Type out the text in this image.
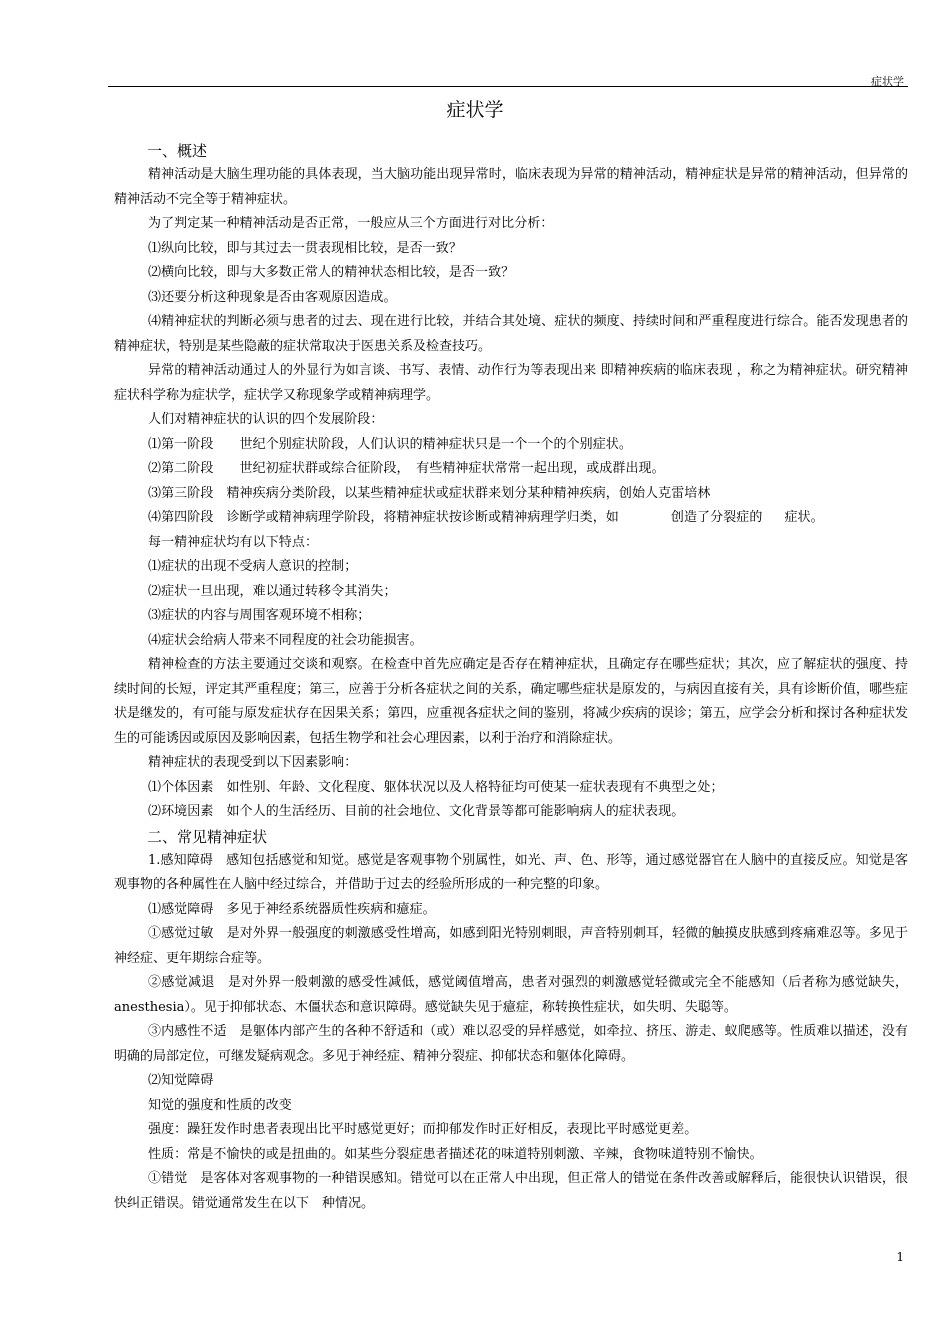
症状学
症状学

一、概述

精神活动是大脑生理功能的具体表现，当大脑功能出现异常时，临床表现为异常的精神活动，精神症状是异常的精神活动，但异常的精神活动不完全等于精神症状。

为了判定某一种精神活动是否正常，一般应从三个方面进行对比分析：

⑴纵向比较，即与其过去一贯表现相比较，是否一致？

⑵横向比较，即与大多数正常人的精神状态相比较，是否一致？

⑶还要分析这种现象是否由客观原因造成。

⑷精神症状的判断必须与患者的过去、现在进行比较，并结合其处境、症状的频度、持续时间和严重程度进行综合。能否发现患者的精神症状，特别是某些隐蔽的症状常取决于医患关系及检查技巧。

异常的精神活动通过人的外显行为如言谈、书写、表情、动作行为等表现出来 即精神疾病的临床表现 ，称之为精神症状。研究精神症状科学称为症状学，症状学又称现象学或精神病理学。

人们对精神症状的认识的四个发展阶段：

⑴第一阶段　　世纪个别症状阶段，人们认识的精神症状只是一个一个的个别症状。

⑵第二阶段　　世纪初症状群或综合征阶段，　有些精神症状常常一起出现，或成群出现。

⑶第三阶段　精神疾病分类阶段，以某些精神症状或症状群来划分某种精神疾病，创始人克雷培林

⑷第四阶段　诊断学或精神病理学阶段，将精神症状按诊断或精神病理学归类，如	创造了分裂症的 症状。

每一精神症状均有以下特点：

⑴症状的出现不受病人意识的控制；

⑵症状一旦出现，难以通过转移令其消失；

⑶症状的内容与周围客观环境不相称；

⑷症状会给病人带来不同程度的社会功能损害。

精神检查的方法主要通过交谈和观察。在检查中首先应确定是否存在精神症状，且确定存在哪些症状；其次，应了解症状的强度、持续时间的长短，评定其严重程度；第三，应善于分析各症状之间的关系，确定哪些症状是原发的，与病因直接有关，具有诊断价值，哪些症状是继发的，有可能与原发症状存在因果关系；第四，应重视各症状之间的鉴别，将减少疾病的误诊；第五，应学会分析和探讨各种症状发生的可能诱因或原因及影响因素，包括生物学和社会心理因素，以利于治疗和消除症状。

精神症状的表现受到以下因素影响：

⑴个体因素　如性别、年龄、文化程度、躯体状况以及人格特征均可使某一症状表现有不典型之处；

⑵环境因素　如个人的生活经历、目前的社会地位、文化背景等都可能影响病人的症状表现。

二、常见精神症状

1.感知障碍　感知包括感觉和知觉。感觉是客观事物个别属性，如光、声、色、形等，通过感觉器官在人脑中的直接反应。知觉是客观事物的各种属性在人脑中经过综合，并借助于过去的经验所形成的一种完整的印象。

⑴感觉障碍　多见于神经系统器质性疾病和癔症。

①感觉过敏　是对外界一般强度的刺激感受性增高，如感到阳光特别刺眼，声音特别刺耳，轻微的触摸皮肤感到疼痛难忍等。多见于神经症、更年期综合症等。

②感觉减退　是对外界一般刺激的感受性减低，感觉阈值增高，患者对强烈的刺激感觉轻微或完全不能感知（后者称为感觉缺失，anesthesia）。见于抑郁状态、木僵状态和意识障碍。感觉缺失见于癔症，称转换性症状，如失明、失聪等。

③内感性不适　是躯体内部产生的各种不舒适和（或）难以忍受的异样感觉，如牵拉、挤压、游走、蚁爬感等。性质难以描述，没有明确的局部定位，可继发疑病观念。多见于神经症、精神分裂症、抑郁状态和躯体化障碍。

⑵知觉障碍

知觉的强度和性质的改变

强度：躁狂发作时患者表现出比平时感觉更好；而抑郁发作时正好相反，表现比平时感觉更差。

性质：常是不愉快的或是扭曲的。如某些分裂症患者描述花的味道特别刺激、辛辣，食物味道特别不愉快。

①错觉　是客体对客观事物的一种错误感知。错觉可以在正常人中出现，但正常人的错觉在条件改善或解释后，能很快认识错误，很快纠正错误。错觉通常发生在以下　种情况。

1
